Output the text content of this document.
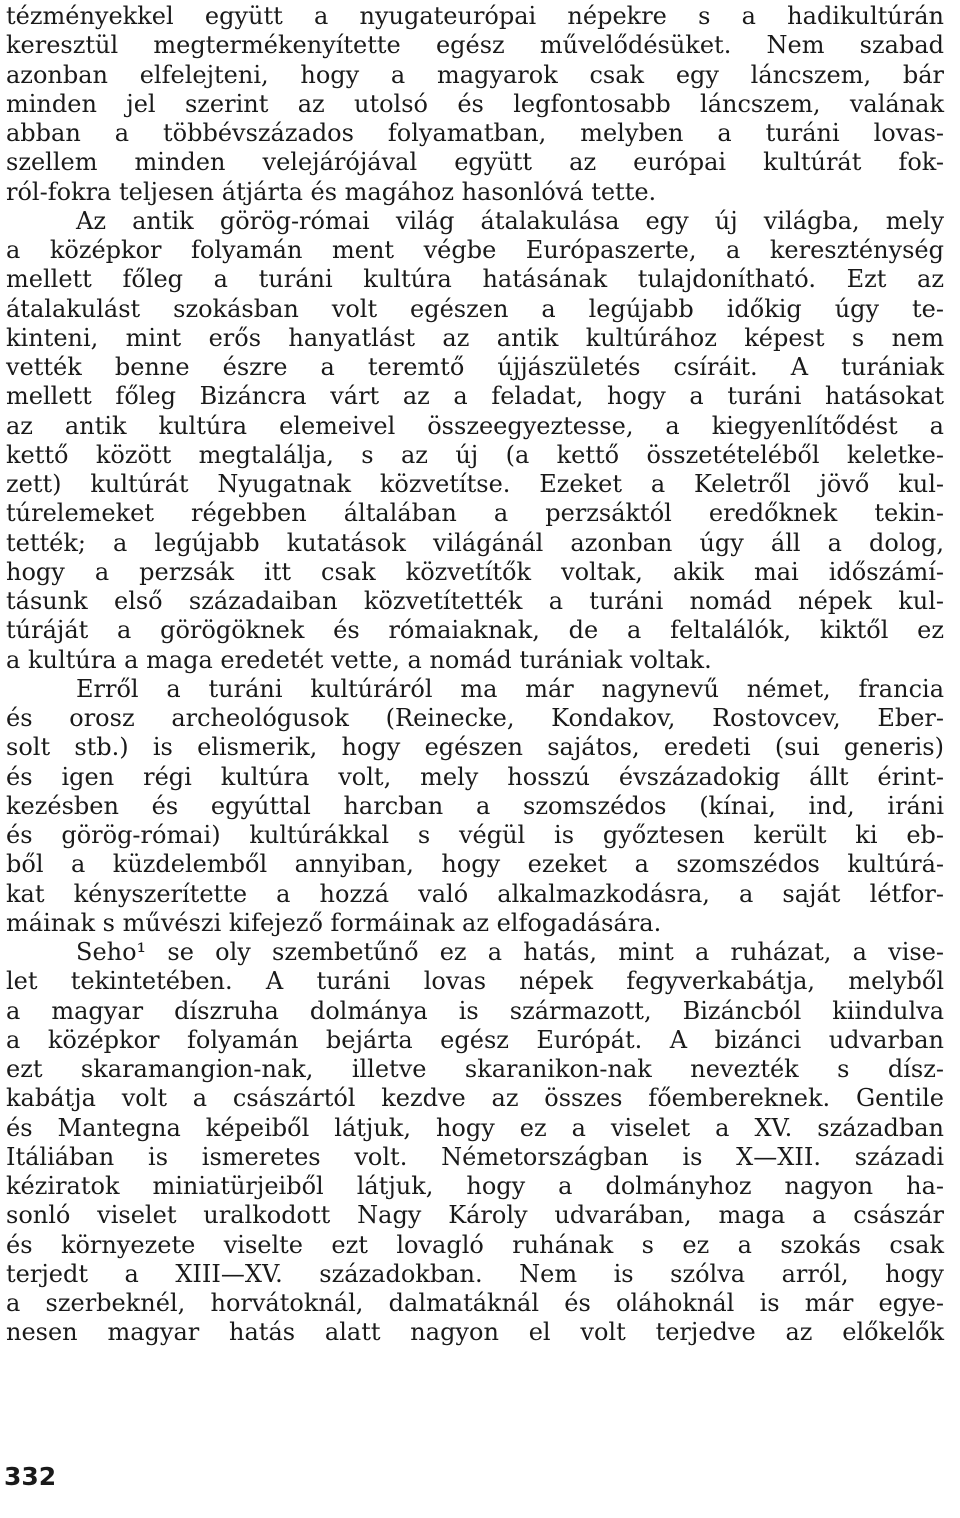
tézményekkel együtt a nyugateurópai népekre s a hadikultúrán
keresztül megtermékenyítette egész művelődésüket. Nem szabad
azonban elfelejteni, hogy a magyarok csak egy láncszem, bár
minden jel szerint az utolsó és legfontosabb láncszem, valának
abban a többévszázados folyamatban, melyben a turáni lovas-
szellem minden velejárójával együtt az európai kultúrát fok-
ról-fokra teljesen átjárta és magához hasonlóvá tette.
Az antik görög-római világ átalakulása egy új világba, mely
a középkor folyamán ment végbe Európaszerte, a kereszténység
mellett főleg a turáni kultúra hatásának tulajdonítható. Ezt az
átalakulást szokásban volt egészen a legújabb időkig úgy te-
kinteni, mint erős hanyatlást az antik kultúrához képest s nem
vették benne észre a teremtő újjászületés csíráit. A turániak
mellett főleg Bizáncra várt az a feladat, hogy a turáni hatásokat
az antik kultúra elemeivel összeegyeztesse, a kiegyenlítődést a
kettő között megtalálja, s az új (a kettő összetételéből keletke-
zett) kultúrát Nyugatnak közvetítse. Ezeket a Keletről jövő kul-
túrelemeket régebben általában a perzsáktól eredőknek tekin-
tették; a legújabb kutatások világánál azonban úgy áll a dolog,
hogy a perzsák itt csak közvetítők voltak, akik mai időszámí-
tásunk első századaiban közvetítették a turáni nomád népek kul-
túráját a görögöknek és rómaiaknak, de a feltalálók, kiktől ez
a kultúra a maga eredetét vette, a nomád turániak voltak.
Erről a turáni kultúráról ma már nagynevű német, francia
és orosz archeológusok (Reinecke, Kondakov, Rostovcev, Eber-
solt stb.) is elismerik, hogy egészen sajátos, eredeti (sui generis)
és igen régi kultúra volt, mely hosszú évszázadokig állt érint-
kezésben és egyúttal harcban a szomszédos (kínai, ind, iráni
és görög-római) kultúrákkal s végül is győztesen került ki eb-
ből a küzdelemből annyiban, hogy ezeket a szomszédos kultúrá-
kat kényszerítette a hozzá való alkalmazkodásra, a saját létfor-
máinak s művészi kifejező formáinak az elfogadására.
Seho¹ se oly szembetűnő ez a hatás, mint a ruházat, a vise-
let tekintetében. A turáni lovas népek fegyverkabátja, melyből
a magyar díszruha dolmánya is származott, Bizáncból kiindulva
a középkor folyamán bejárta egész Európát. A bizánci udvarban
ezt skaramangion-nak, illetve skaranikon-nak nevezték s dísz-
kabátja volt a császártól kezdve az összes főembereknek. Gentile
és Mantegna képeiből látjuk, hogy ez a viselet a XV. században
Itáliában is ismeretes volt. Németországban is X—XII. századi
kéziratok miniatürjeiből látjuk, hogy a dolmányhoz nagyon ha-
sonló viselet uralkodott Nagy Károly udvarában, maga a császár
és környezete viselte ezt lovagló ruhának s ez a szokás csak
terjedt a XIII—XV. századokban. Nem is szólva arról, hogy
a szerbeknél, horvátoknál, dalmatáknál és oláhoknál is már egye-
nesen magyar hatás alatt nagyon el volt terjedve az előkelők
332
